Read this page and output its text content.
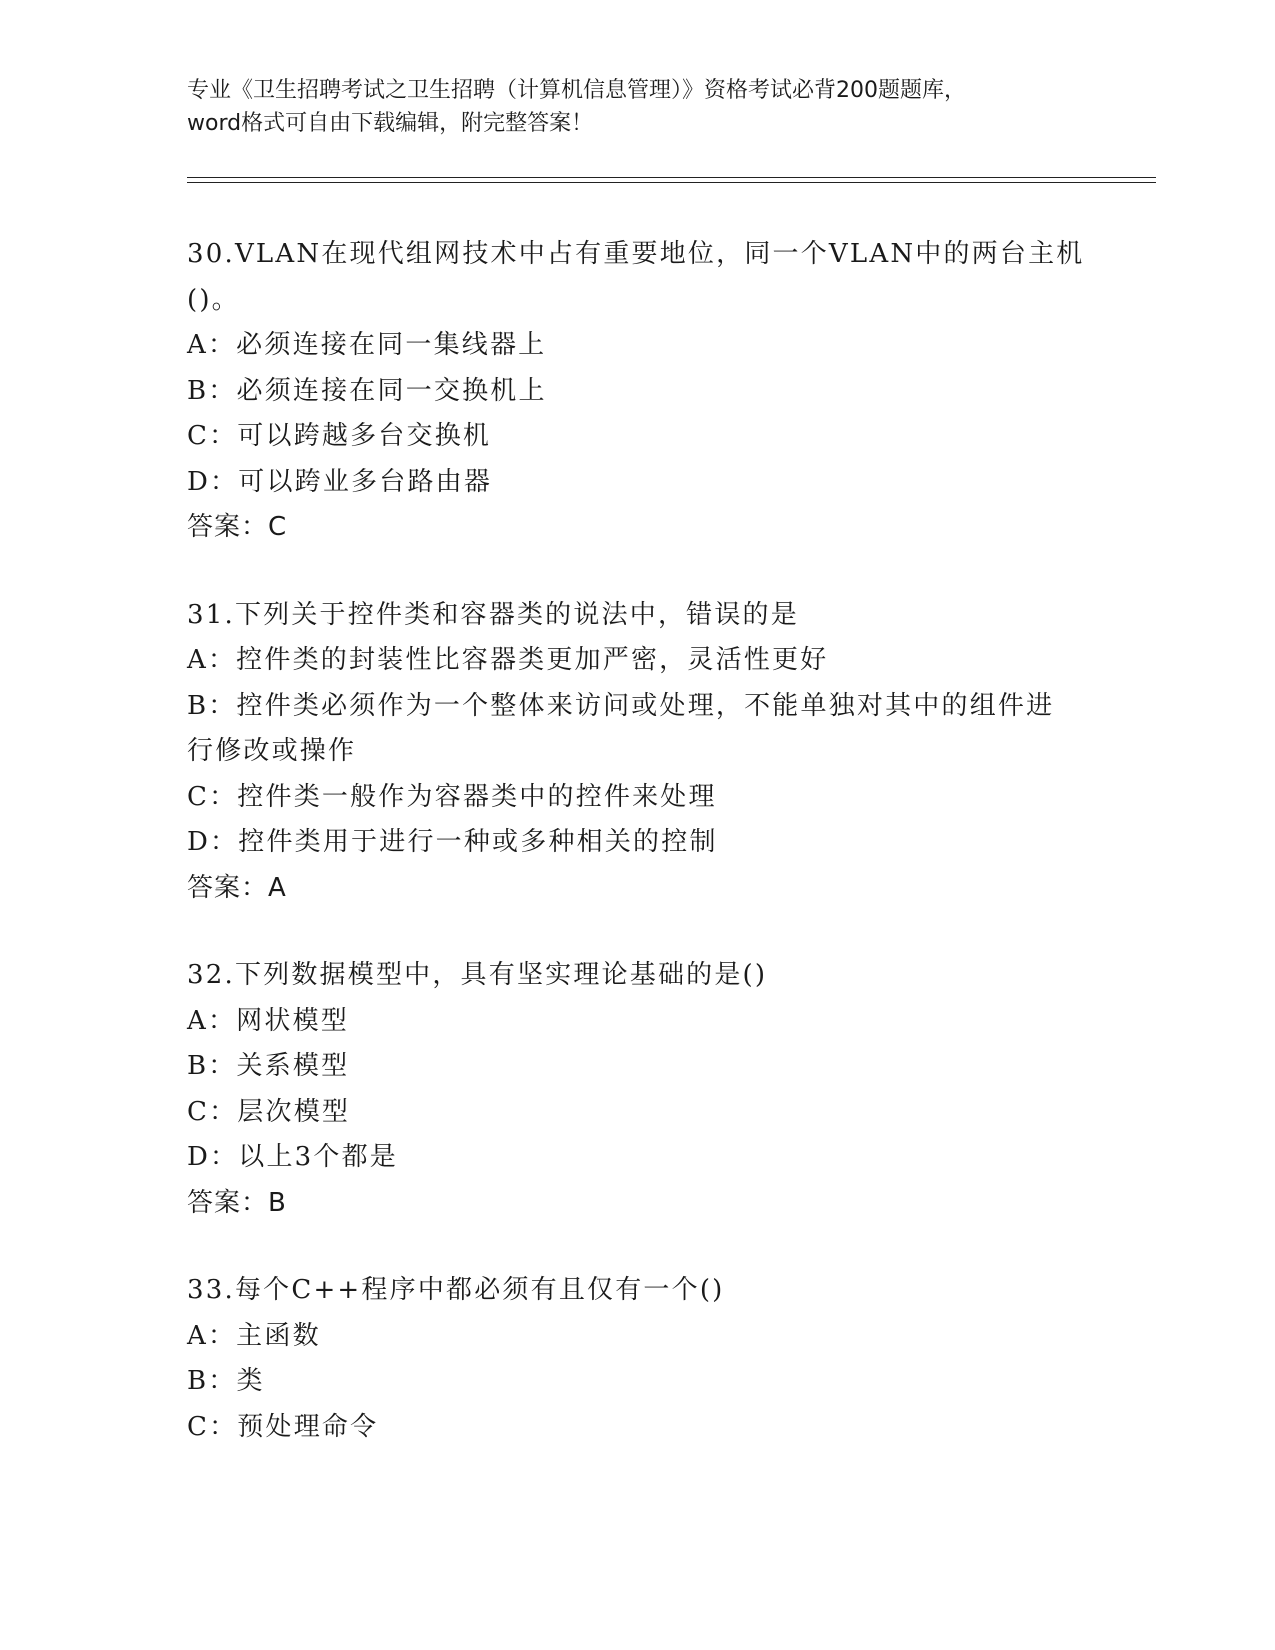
专业《卫生招聘考试之卫生招聘（计算机信息管理）》资格考试必背200题题库，
word格式可自由下载编辑，附完整答案！
30.VLAN在现代组网技术中占有重要地位，同一个VLAN中的两台主机
()。
A：必须连接在同一集线器上
B：必须连接在同一交换机上
C：可以跨越多台交换机
D：可以跨业多台路由器
答案：C
31.下列关于控件类和容器类的说法中，错误的是
A：控件类的封装性比容器类更加严密，灵活性更好
B：控件类必须作为一个整体来访问或处理，不能单独对其中的组件进
行修改或操作
C：控件类一般作为容器类中的控件来处理
D：控件类用于进行一种或多种相关的控制
答案：A
32.下列数据模型中，具有坚实理论基础的是()
A：网状模型
B：关系模型
C：层次模型
D：以上3个都是
答案：B
33.每个C++程序中都必须有且仅有一个()
A：主函数
B：类
C：预处理命令
